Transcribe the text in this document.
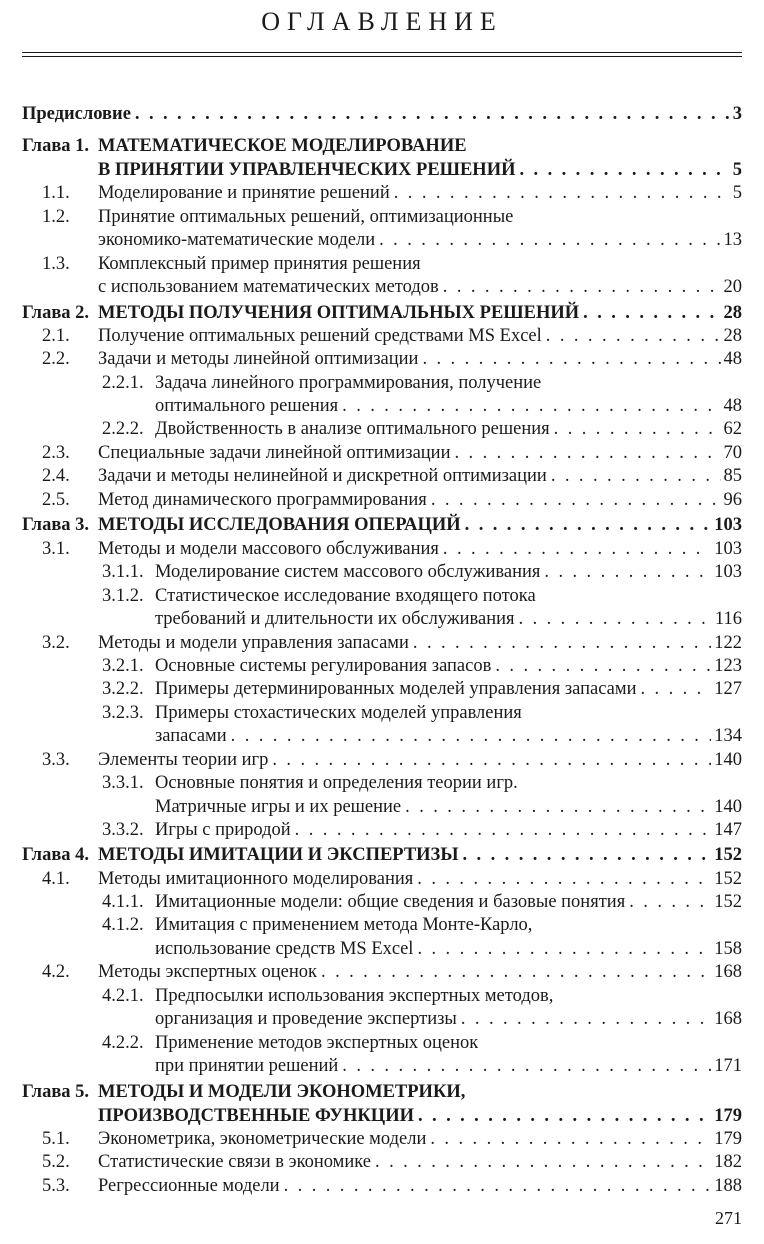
ОГЛАВЛЕНИЕ
Предисловие . . .	3
Глава 1. МАТЕМАТИЧЕСКОЕ МОДЕЛИРОВАНИЕ
В ПРИНЯТИИ УПРАВЛЕНЧЕСКИХ РЕШЕНИЙ . . .	5
1.1. Моделирование и принятие решений . . .	5
1.2. Принятие оптимальных решений, оптимизационные
экономико-математические модели . . .	13
1.3. Комплексный пример принятия решения
с использованием математических методов . . .	20
Глава 2. МЕТОДЫ ПОЛУЧЕНИЯ ОПТИМАЛЬНЫХ РЕШЕНИЙ . . .	28
2.1. Получение оптимальных решений средствами MS Excel . . .	28
2.2. Задачи и методы линейной оптимизации . . .	48
2.2.1. Задача линейного программирования, получение
оптимального решения . . .	48
2.2.2. Двойственность в анализе оптимального решения . . .	62
2.3. Специальные задачи линейной оптимизации . . .	70
2.4. Задачи и методы нелинейной и дискретной оптимизации . . .	85
2.5. Метод динамического программирования . . .	96
Глава 3. МЕТОДЫ ИССЛЕДОВАНИЯ ОПЕРАЦИЙ . . .	103
3.1. Методы и модели массового обслуживания . . .	103
3.1.1. Моделирование систем массового обслуживания . . .	103
3.1.2. Статистическое исследование входящего потока
требований и длительности их обслуживания . . .	116
3.2. Методы и модели управления запасами . . .	122
3.2.1. Основные системы регулирования запасов . . .	123
3.2.2. Примеры детерминированных моделей управления запасами . . .	127
3.2.3. Примеры стохастических моделей управления
запасами . . .	134
3.3. Элементы теории игр . . .	140
3.3.1. Основные понятия и определения теории игр.
Матричные игры и их решение . . .	140
3.3.2. Игры с природой . . .	147
Глава 4. МЕТОДЫ ИМИТАЦИИ И ЭКСПЕРТИЗЫ . . .	152
4.1. Методы имитационного моделирования . . .	152
4.1.1. Имитационные модели: общие сведения и базовые понятия . . .	152
4.1.2. Имитация с применением метода Монте-Карло,
использование средств MS Excel . . .	158
4.2. Методы экспертных оценок . . .	168
4.2.1. Предпосылки использования экспертных методов,
организация и проведение экспертизы . . .	168
4.2.2. Применение методов экспертных оценок
при принятии решений . . .	171
Глава 5. МЕТОДЫ И МОДЕЛИ ЭКОНОМЕТРИКИ,
ПРОИЗВОДСТВЕННЫЕ ФУНКЦИИ . . .	179
5.1. Эконометрика, эконометрические модели . . .	179
5.2. Статистические связи в экономике . . .	182
5.3. Регрессионные модели . . .	188
271
